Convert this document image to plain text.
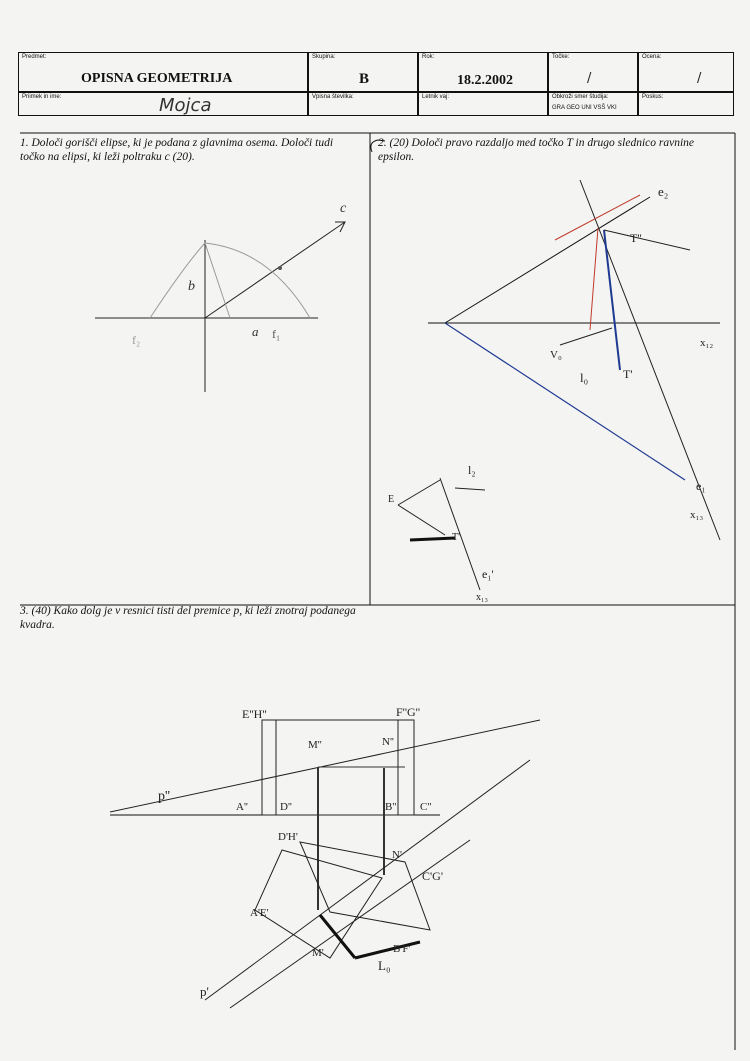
Predmet:
OPISNA GEOMETRIJA
Priimek in ime:	Mojca
Skupina:
B
Vpisna številka:
Rok:
18.2.2002
Letnik vaj:
Točke:
/
Obkroži smer študija:
GRA GEO UNI VSŠ VKI
Ocena:
/
Poskus:
1. Določi gorišči elipse, ki je podana z glavnima osema. Določi tudi točko na elipsi, ki leži poltraku c (20).
2. (20) Določi pravo razdaljo med točko T in drugo slednico ravnine epsilon.
3. (40) Kako dolg je v resnici tisti del premice p, ki leži znotraj podanega kvadra.
c
b
a f₁
f₂
e₂
T''
T'
l₀
e₁
x₁₂
x₁₃
V₀
E
l₂
e₁'
T'
x₁₃
E''H''	F''G''
M''	N''
p''
A''	D''	B'' C''
D'H'
C'G'
A'E'
B'F'
L₀
p'
N'
M'
